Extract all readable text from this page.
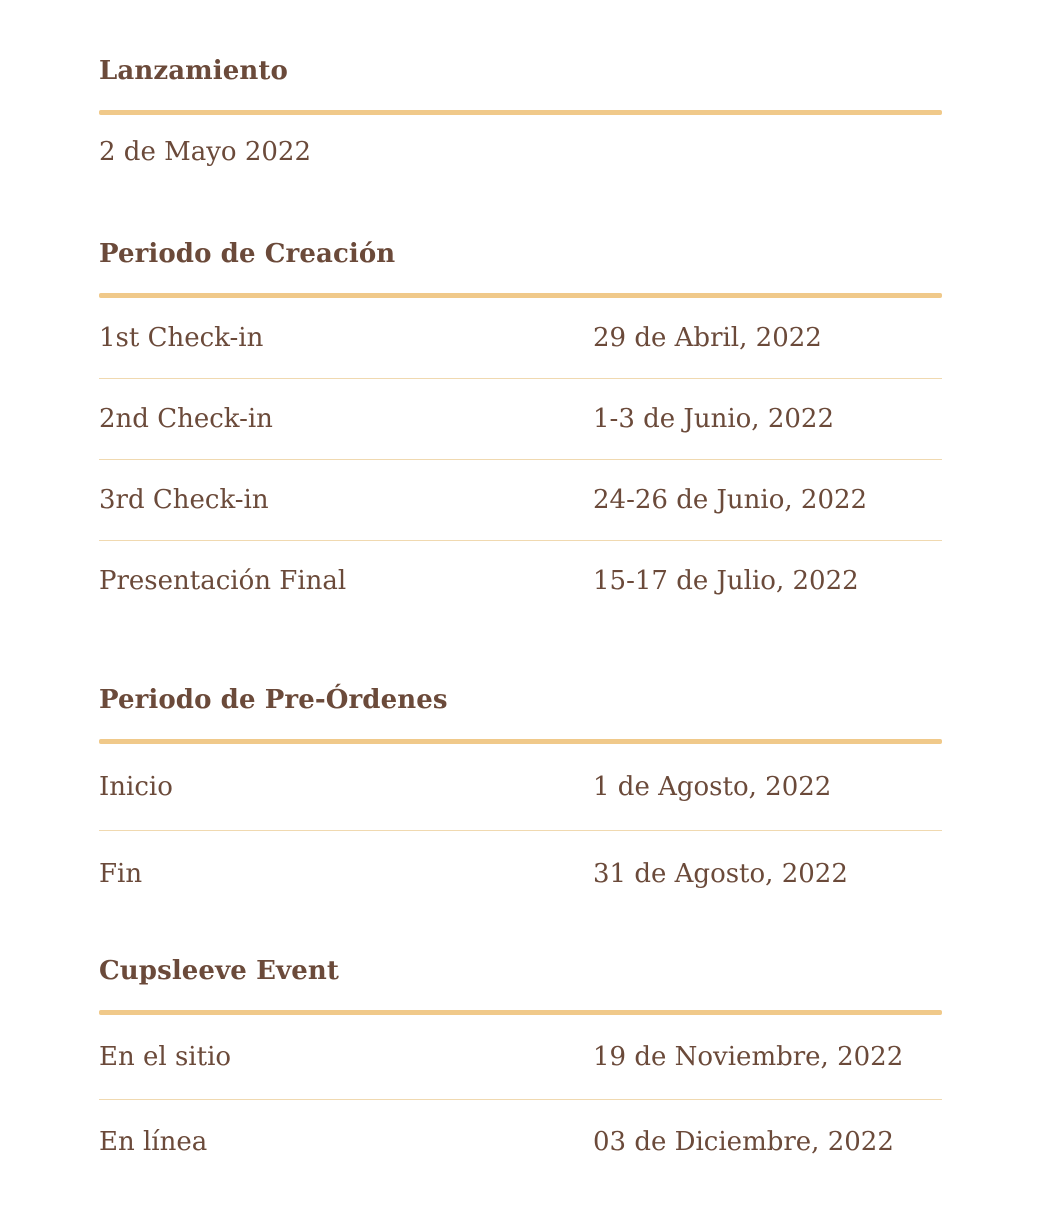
Lanzamiento
2 de Mayo 2022
Periodo de Creación
1st Check-in	29 de Abril, 2022
2nd Check-in	1-3 de Junio, 2022
3rd Check-in	24-26 de Junio, 2022
Presentación Final	15-17 de Julio, 2022
Periodo de Pre-Órdenes
Inicio	1 de Agosto, 2022
Fin	31 de Agosto, 2022
Cupsleeve Event
En el sitio	19 de Noviembre, 2022
En línea	03 de Diciembre, 2022
